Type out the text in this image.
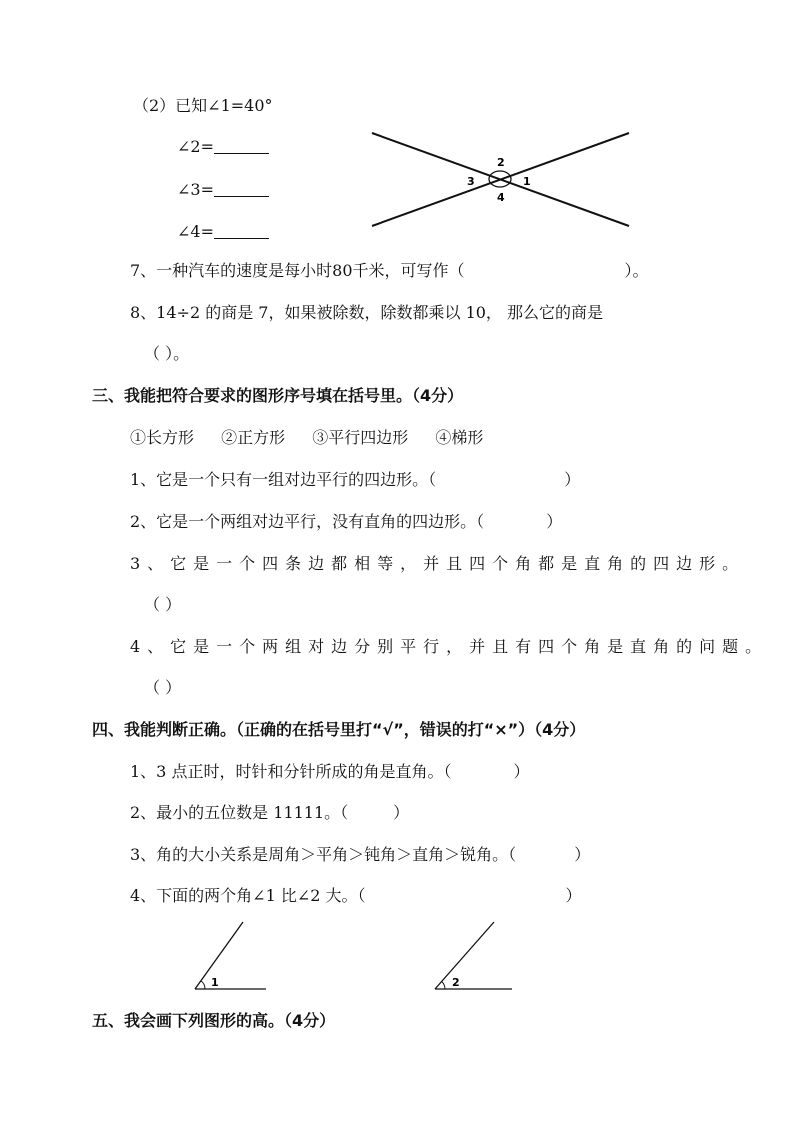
（2）已知∠1=40°
∠2=
∠3=
∠4=
1
2
3
4
7、一种汽车的速度是每小时80千米，可写作（	）。
8、14÷2 的商是 7，如果被除数，除数都乘以 10， 那么它的商是
（ ）。
三、我能把符合要求的图形序号填在括号里。（4分）
①长方形 ②正方形 ③平行四边形 ④梯形
1、它是一个只有一组对边平行的四边形。（	）
2、它是一个两组对边平行，没有直角的四边形。（	）
3、它是一个四条边都相等，并且四个角都是直角的四边形。
（ ）
4、它是一个两组对边分别平行，并且有四个角是直角的问题。
（ ）
四、我能判断正确。（正确的在括号里打“√”，错误的打“×”）（4分）
1、3 点正时，时针和分针所成的角是直角。（	）
2、最小的五位数是 11111。（	）
3、角的大小关系是周角＞平角＞钝角＞直角＞锐角。（	）
4、下面的两个角∠1 比∠2 大。（	）
1	2
五、我会画下列图形的高。（4分）
